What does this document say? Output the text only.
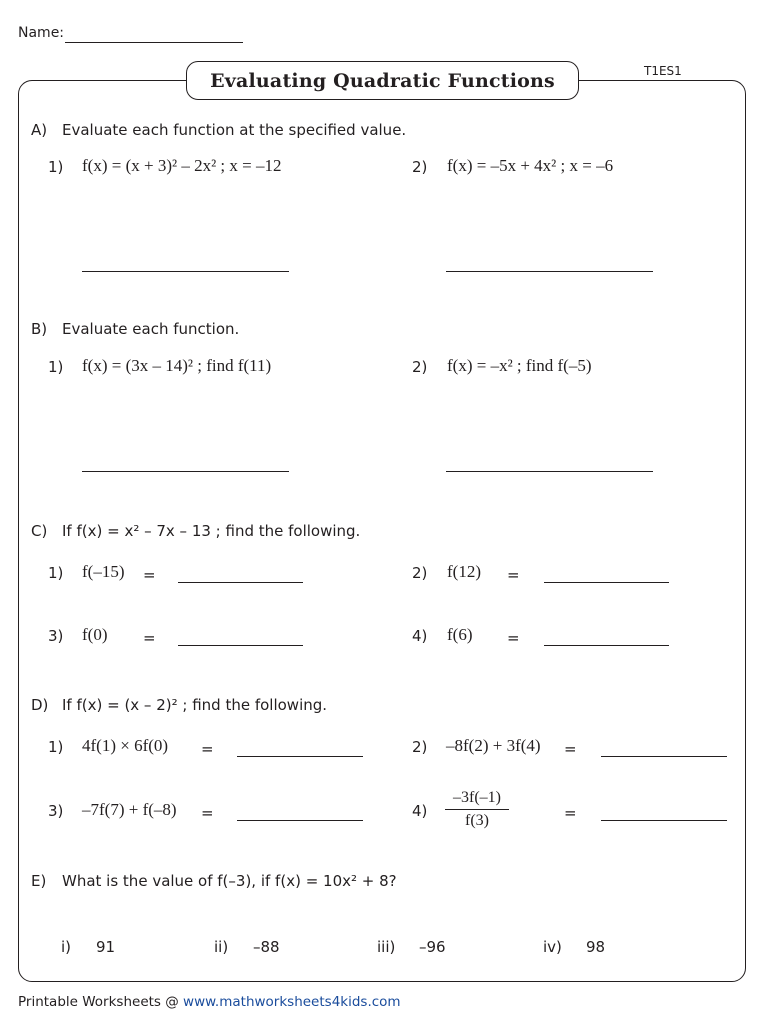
Name:
T1ES1
Evaluating Quadratic Functions
A) Evaluate each function at the specified value.
1) f(x) = (x + 3)² – 2x² ; x = –12	2) f(x) = –5x + 4x² ; x = –6
B) Evaluate each function.
1) f(x) = (3x – 14)² ; find f(11)	2) f(x) = –x² ; find f(–5)
C) If f(x) = x² – 7x – 13 ; find the following.
1) f(–15) =	2) f(12) =
3) f(0) =	4) f(6) =
D) If f(x) = (x – 2)² ; find the following.
1) 4f(1) × 6f(0) =	2) –8f(2) + 3f(4) =
3) –7f(7) + f(–8) =	4)
–3f(–1)
f(3)	=
E) What is the value of f(–3), if f(x) = 10x² + 8?
i) 91	ii) –88	iii) –96	iv) 98
Printable Worksheets @ www.mathworksheets4kids.com
